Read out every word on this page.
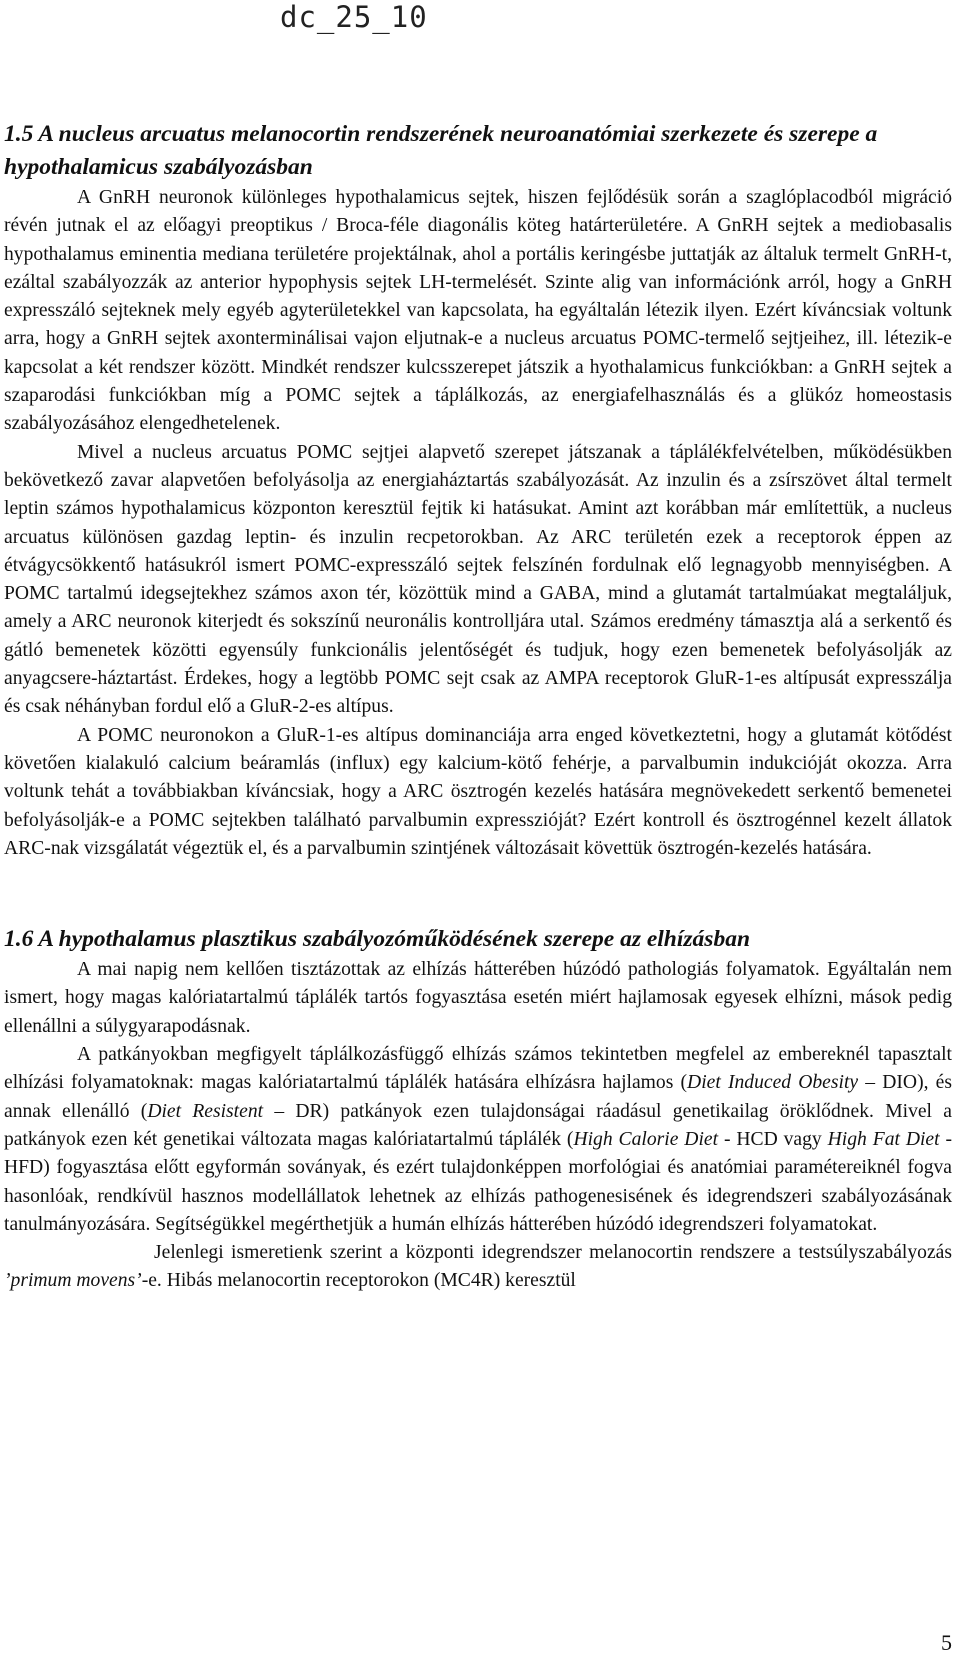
dc_25_10
1.5 A nucleus arcuatus melanocortin rendszerének neuroanatómiai szerkezete és szerepe a hypothalamicus szabályozásban

A GnRH neuronok különleges hypothalamicus sejtek, hiszen fejlődésük során a szaglóplacodból migráció révén jutnak el az előagyi preoptikus / Broca-féle diagonális köteg határterületére. A GnRH sejtek a mediobasalis hypothalamus eminentia mediana területére projektálnak, ahol a portális keringésbe juttatják az általuk termelt GnRH-t, ezáltal szabályozzák az anterior hypophysis sejtek LH-termelését. Szinte alig van információnk arról, hogy a GnRH expresszáló sejteknek mely egyéb agyterületekkel van kapcsolata, ha egyáltalán létezik ilyen. Ezért kíváncsiak voltunk arra, hogy a GnRH sejtek axonterminálisai vajon eljutnak-e a nucleus arcuatus POMC-termelő sejtjeihez, ill. létezik-e kapcsolat a két rendszer között. Mindkét rendszer kulcsszerepet játszik a hyothalamicus funkciókban: a GnRH sejtek a szaparodási funkciókban míg a POMC sejtek a táplálkozás, az energiafelhasználás és a glükóz homeostasis szabályozásához elengedhetelenek.

Mivel a nucleus arcuatus POMC sejtjei alapvető szerepet játszanak a táplálékfelvételben, működésükben bekövetkező zavar alapvetően befolyásolja az energiaháztartás szabályozását. Az inzulin és a zsírszövet által termelt leptin számos hypothalamicus központon keresztül fejtik ki hatásukat. Amint azt korábban már említettük, a nucleus arcuatus különösen gazdag leptin- és inzulin recpetorokban. Az ARC területén ezek a receptorok éppen az étvágycsökkentő hatásukról ismert POMC-expresszáló sejtek felszínén fordulnak elő legnagyobb mennyiségben. A POMC tartalmú idegsejtekhez számos axon tér, közöttük mind a GABA, mind a glutamát tartalmúakat megtaláljuk, amely a ARC neuronok kiterjedt és sokszínű neuronális kontrolljára utal. Számos eredmény támasztja alá a serkentő és gátló bemenetek közötti egyensúly funkcionális jelentőségét és tudjuk, hogy ezen bemenetek befolyásolják az anyagcsere-háztartást. Érdekes, hogy a legtöbb POMC sejt csak az AMPA receptorok GluR-1-es altípusát expresszálja és csak néhányban fordul elő a GluR-2-es altípus.

A POMC neuronokon a GluR-1-es altípus dominanciája arra enged következtetni, hogy a glutamát kötődést követően kialakuló calcium beáramlás (influx) egy kalcium-kötő fehérje, a parvalbumin indukcióját okozza. Arra voltunk tehát a továbbiakban kíváncsiak, hogy a ARC ösztrogén kezelés hatására megnövekedett serkentő bemenetei befolyásolják-e a POMC sejtekben található parvalbumin expresszióját? Ezért kontroll és ösztrogénnel kezelt állatok ARC-nak vizsgálatát végeztük el, és a parvalbumin szintjének változásait követtük ösztrogén-kezelés hatására.

1.6 A hypothalamus plasztikus szabályozóműködésének szerepe az elhízásban

A mai napig nem kellően tisztázottak az elhízás hátterében húzódó pathologiás folyamatok. Egyáltalán nem ismert, hogy magas kalóriatartalmú táplálék tartós fogyasztása esetén miért hajlamosak egyesek elhízni, mások pedig ellenállni a súlygyarapodásnak.

A patkányokban megfigyelt táplálkozásfüggő elhízás számos tekintetben megfelel az embereknél tapasztalt elhízási folyamatoknak: magas kalóriatartalmú táplálék hatására elhízásra hajlamos (Diet Induced Obesity – DIO), és annak ellenálló (Diet Resistent – DR) patkányok ezen tulajdonságai ráadásul genetikailag öröklődnek. Mivel a patkányok ezen két genetikai változata magas kalóriatartalmú táplálék (High Calorie Diet - HCD vagy High Fat Diet - HFD) fogyasztása előtt egyformán soványak, és ezért tulajdonképpen morfológiai és anatómiai paramétereiknél fogva hasonlóak, rendkívül hasznos modellállatok lehetnek az elhízás pathogenesisének és idegrendszeri szabályozásának tanulmányozására. Segítségükkel megérthetjük a humán elhízás hátterében húzódó idegrendszeri folyamatokat.

Jelenlegi ismeretienk szerint a központi idegrendszer melanocortin rendszere a testsúlyszabályozás ’primum movens’-e. Hibás melanocortin receptorokon (MC4R) keresztül

5
